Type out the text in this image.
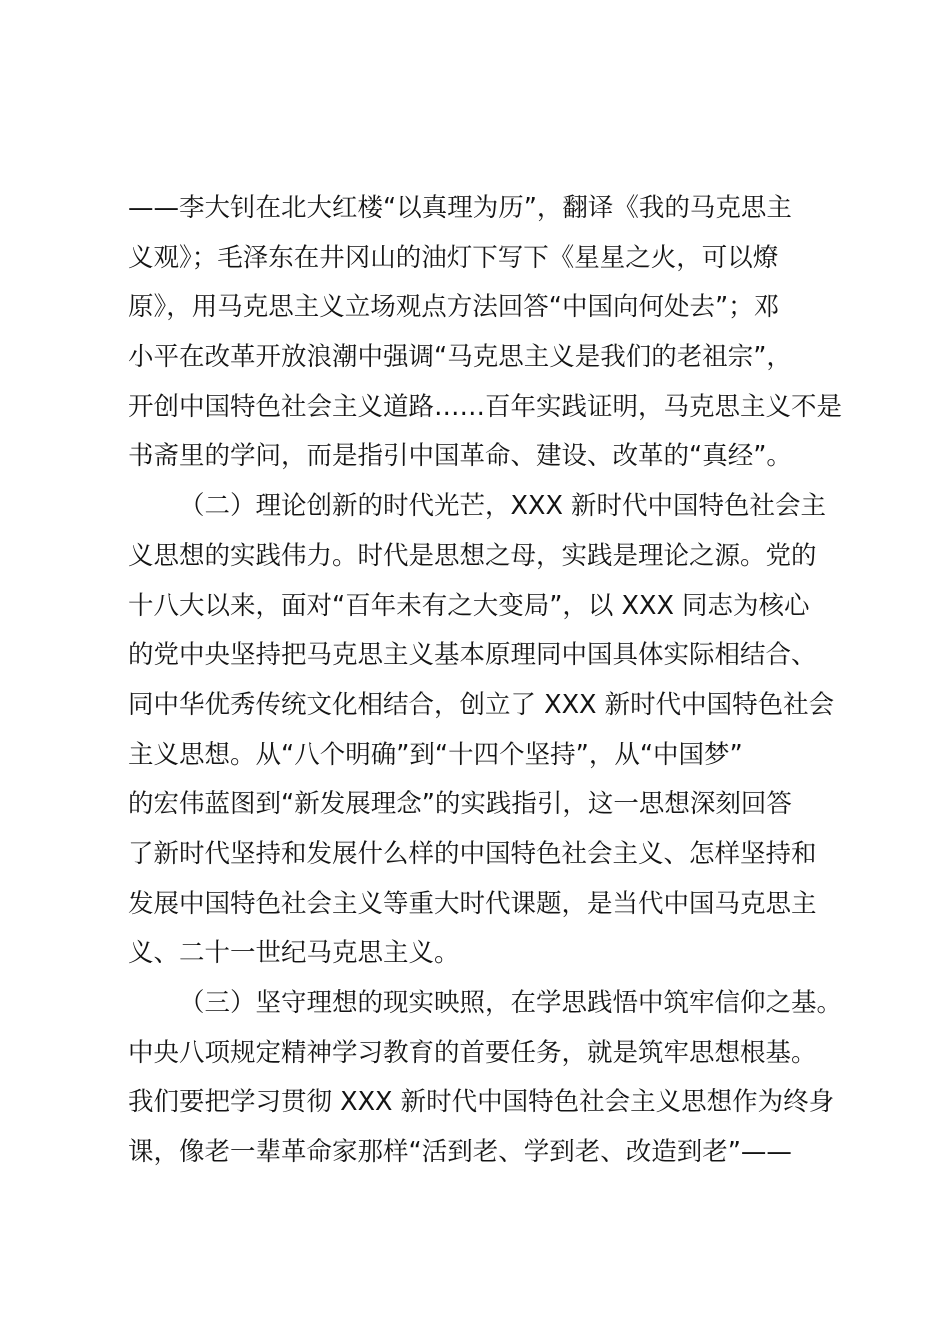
——李大钊在北大红楼“以真理为历”，翻译《我的马克思主
义观》；毛泽东在井冈山的油灯下写下《星星之火，可以燎
原》，用马克思主义立场观点方法回答“中国向何处去”；邓
小平在改革开放浪潮中强调“马克思主义是我们的老祖宗”，
开创中国特色社会主义道路……百年实践证明，马克思主义不是
书斋里的学问，而是指引中国革命、建设、改革的“真经”。
（二）理论创新的时代光芒，XXX 新时代中国特色社会主
义思想的实践伟力。时代是思想之母，实践是理论之源。党的
十八大以来，面对“百年未有之大变局”，以 XXX 同志为核心
的党中央坚持把马克思主义基本原理同中国具体实际相结合、
同中华优秀传统文化相结合，创立了 XXX 新时代中国特色社会
主义思想。从“八个明确”到“十四个坚持”，从“中国梦”
的宏伟蓝图到“新发展理念”的实践指引，这一思想深刻回答
了新时代坚持和发展什么样的中国特色社会主义、怎样坚持和
发展中国特色社会主义等重大时代课题，是当代中国马克思主
义、二十一世纪马克思主义。
（三）坚守理想的现实映照，在学思践悟中筑牢信仰之基。
中央八项规定精神学习教育的首要任务，就是筑牢思想根基。
我们要把学习贯彻 XXX 新时代中国特色社会主义思想作为终身
课，像老一辈革命家那样“活到老、学到老、改造到老”——
